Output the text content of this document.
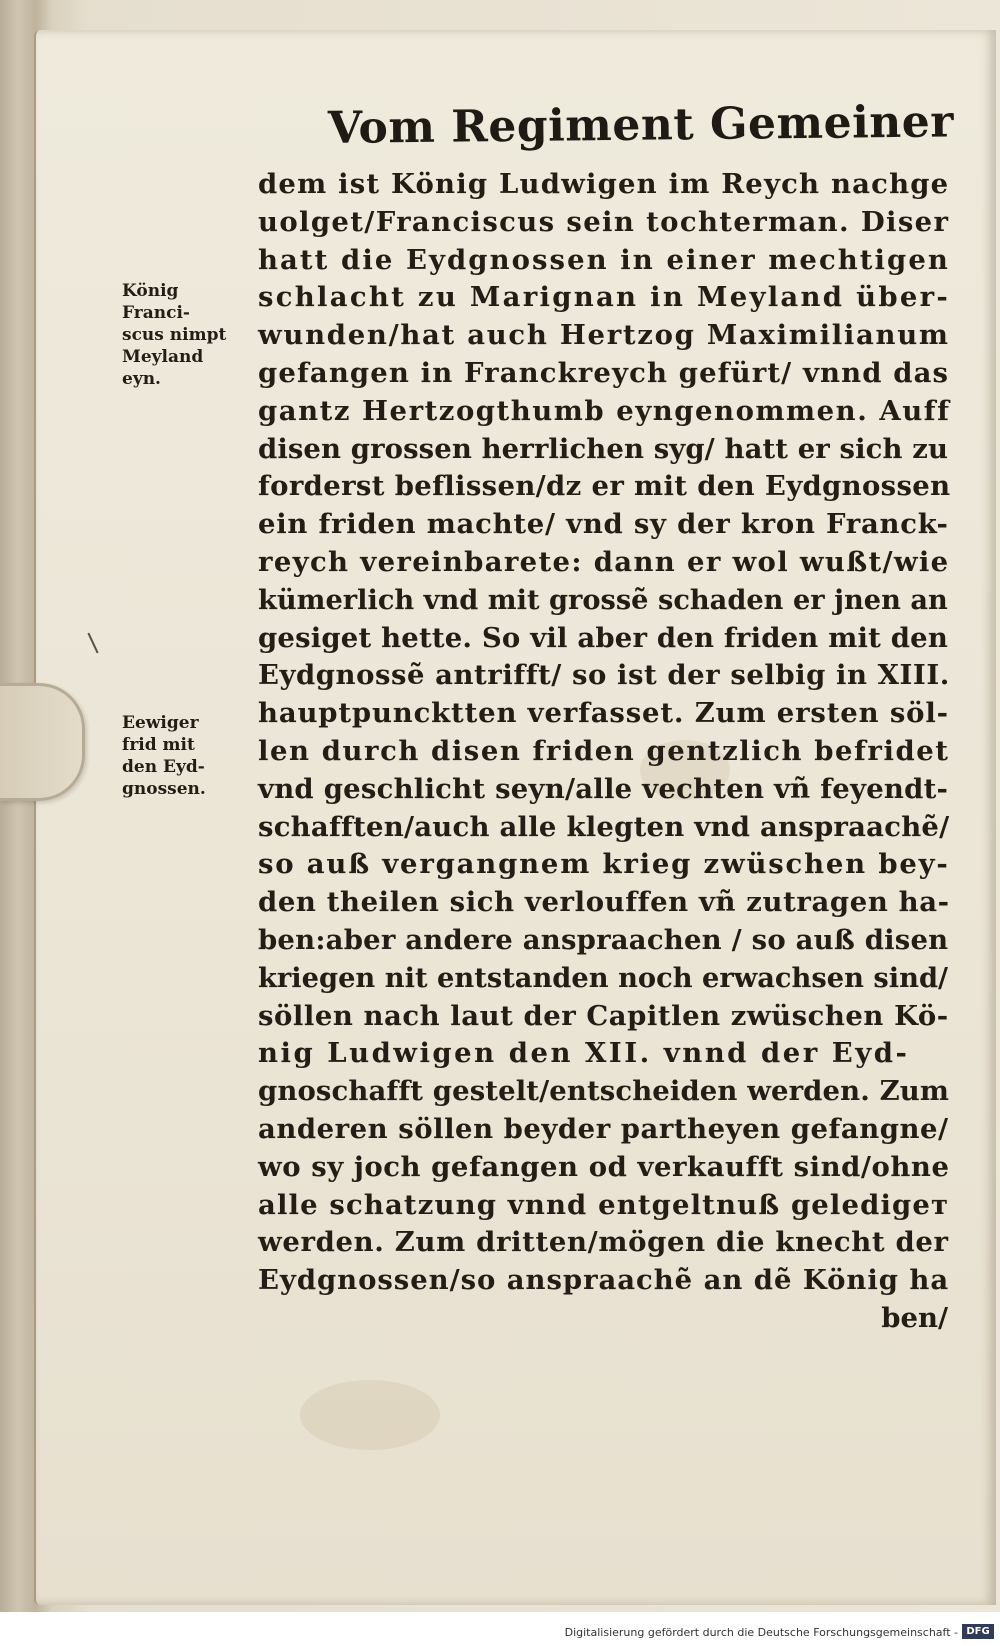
Vom Regiment Gemeiner
König
Franci-
scus nimpt
Meyland
eyn.
Eewiger
frid mit
den Eyd-
gnossen.
dem ist König Ludwigen im Reych nachge
uolget/Franciscus sein tochterman. Diser
hatt die Eydgnossen in einer mechtigen
schlacht zu Marignan in Meyland über-
wunden/hat auch Hertzog Maximilianum
gefangen in Franckreych gefürt/ vnnd das
gantz Hertzogthumb eyngenommen. Auff
disen grossen herrlichen syg/ hatt er sich zu
forderst beflissen/dz er mit den Eydgnossen
ein friden machte/ vnd sy der kron Franck-
reych vereinbarete: dann er wol wußt/wie
kümerlich vnd mit grossẽ schaden er jnen an
gesiget hette. So vil aber den friden mit den
Eydgnossẽ antrifft/ so ist der selbig in XIII.
hauptpuncktten verfasset. Zum ersten söl-
len durch disen friden gentzlich befridet
vnd geschlicht seyn/alle vechten vñ feyendt-
schafften/auch alle klegten vnd anspraachẽ/
so auß vergangnem krieg zwüschen bey-
den theilen sich verlouffen vñ zutragen ha-
ben:aber andere anspraachen / so auß disen
kriegen nit entstanden noch erwachsen sind/
söllen nach laut der Capitlen zwüschen Kö-
nig Ludwigen den XII. vnnd der Eyd-
gnoschafft gestelt/entscheiden werden. Zum
anderen söllen beyder partheyen gefangne/
wo sy joch gefangen od verkaufft sind/ohne
alle schatzung vnnd entgeltnuß geledigeт
werden. Zum dritten/mögen die knecht der
Eydgnossen/so anspraachẽ an dẽ König ha
ben/
Digitalisierung gefördert durch die Deutsche Forschungsgemeinschaft - DFG
